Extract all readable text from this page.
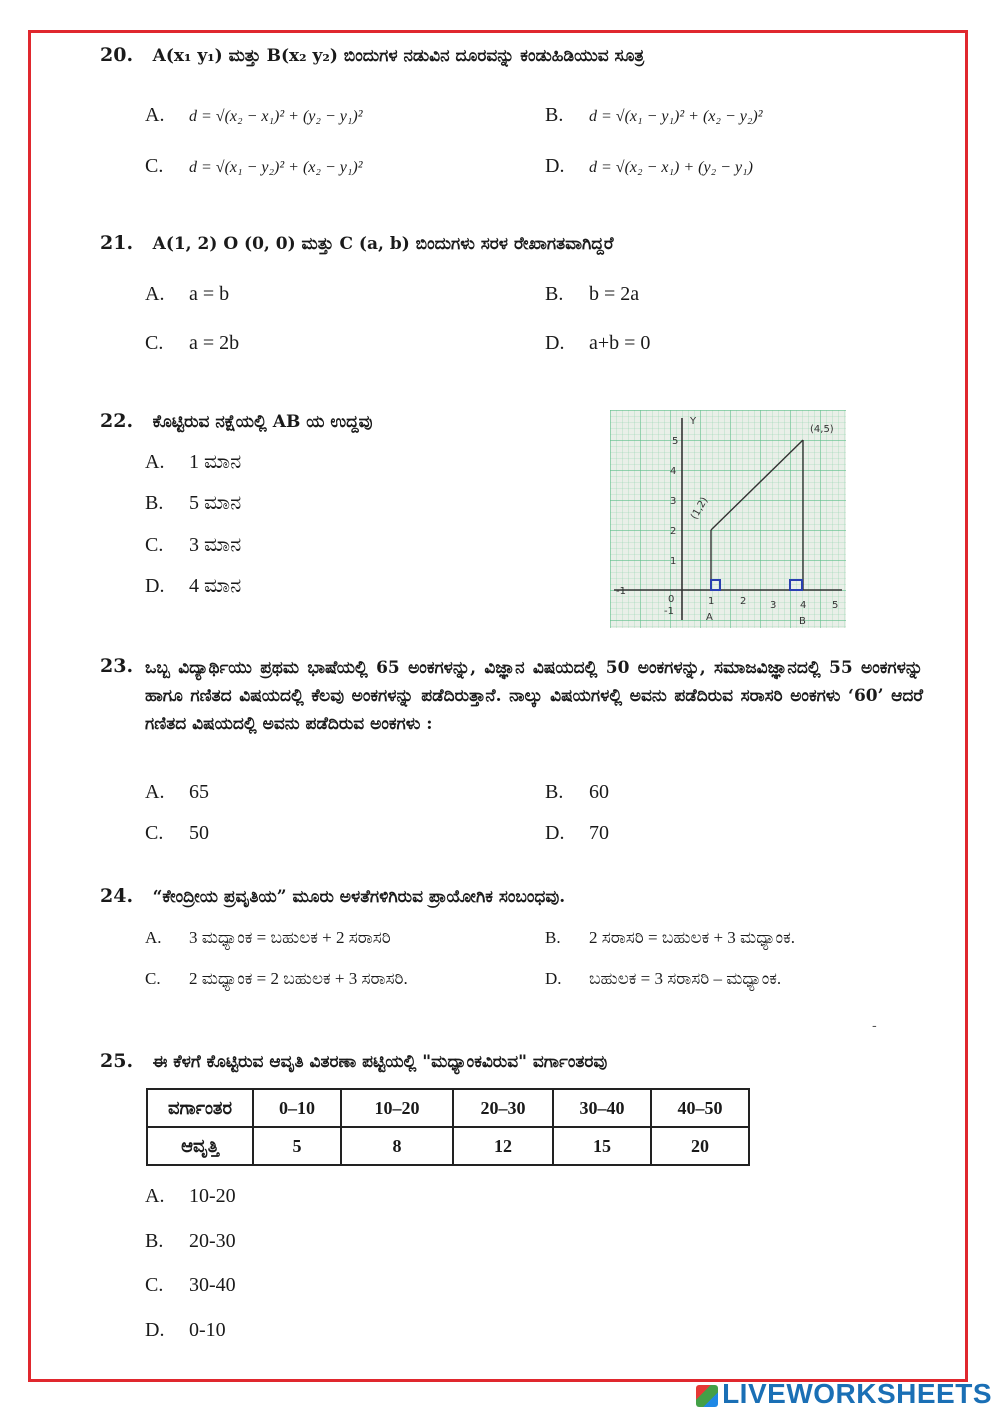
20. A(x₁ y₁) ಮತ್ತು B(x₂ y₂) ಬಿಂದುಗಳ ನಡುವಿನ ದೂರವನ್ನು ಕಂಡುಹಿಡಿಯುವ ಸೂತ್ರ
A. d = √(x₂ − x₁)² + (y₂ − y₁)²	B. d = √(x₁ − y₁)² + (x₂ − y₂)²
C. d = √(x₁ − y₂)² + (x₂ − y₁)²	D. d = √(x₂ − x₁) + (y₂ − y₁)
21. A(1, 2) O (0, 0) ಮತ್ತು C (a, b) ಬಿಂದುಗಳು ಸರಳ ರೇಖಾಗತವಾಗಿದ್ದರೆ
A. a = b	B. b = 2a
C. a = 2b	D. a+b = 0
22. ಕೊಟ್ಟಿರುವ ನಕ್ಷೆಯಲ್ಲಿ AB ಯ ಉದ್ದವು
A. 1 ಮಾನ
B. 5 ಮಾನ
C. 3 ಮಾನ
D. 4 ಮಾನ
Y
(4,5)
(1,2)
A	B
-1
0	1	2 3 4	5
1
2
3
4
5
-1
23. ಒಬ್ಬ ವಿದ್ಯಾರ್ಥಿಯು ಪ್ರಥಮ ಭಾಷೆಯಲ್ಲಿ 65 ಅಂಕಗಳನ್ನು, ವಿಜ್ಞಾನ ವಿಷಯದಲ್ಲಿ 50 ಅಂಕಗಳನ್ನು, ಸಮಾಜವಿಜ್ಞಾನದಲ್ಲಿ 55 ಅಂಕಗಳನ್ನು ಹಾಗೂ ಗಣಿತದ ವಿಷಯದಲ್ಲಿ ಕೆಲವು ಅಂಕಗಳನ್ನು ಪಡೆದಿರುತ್ತಾನೆ. ನಾಲ್ಕು ವಿಷಯಗಳಲ್ಲಿ ಅವನು ಪಡೆದಿರುವ ಸರಾಸರಿ ಅಂಕಗಳು ‘60’ ಆದರೆ ಗಣಿತದ ವಿಷಯದಲ್ಲಿ ಅವನು ಪಡೆದಿರುವ ಅಂಕಗಳು :
A. 65	B. 60
C. 50	D. 70
24. “ಕೇಂದ್ರೀಯ ಪ್ರವೃತಿಯ” ಮೂರು ಅಳತೆಗಳಿಗಿರುವ ಪ್ರಾಯೋಗಿಕ ಸಂಬಂಧವು.
A. 3 ಮಧ್ಯಾಂಕ = ಬಹುಲಕ + 2 ಸರಾಸರಿ	B. 2 ಸರಾಸರಿ = ಬಹುಲಕ + 3 ಮಧ್ಯಾಂಕ.
C. 2 ಮಧ್ಯಾಂಕ = 2 ಬಹುಲಕ + 3 ಸರಾಸರಿ.	D. ಬಹುಲಕ = 3 ಸರಾಸರಿ – ಮಧ್ಯಾಂಕ.
-
25. ಈ ಕೆಳಗೆ ಕೊಟ್ಟಿರುವ ಆವೃತಿ ವಿತರಣಾ ಪಟ್ಟಿಯಲ್ಲಿ "ಮಧ್ಯಾಂಕವಿರುವ" ವರ್ಗಾಂತರವು
ವರ್ಗಾಂತರ	0–10	10–20	20–30	30–40	40–50
ಆವೃತ್ತಿ	5	8	12	15	20
A. 10-20
B. 20-30
C. 30-40
D. 0-10
LIVEWORKSHEETS
